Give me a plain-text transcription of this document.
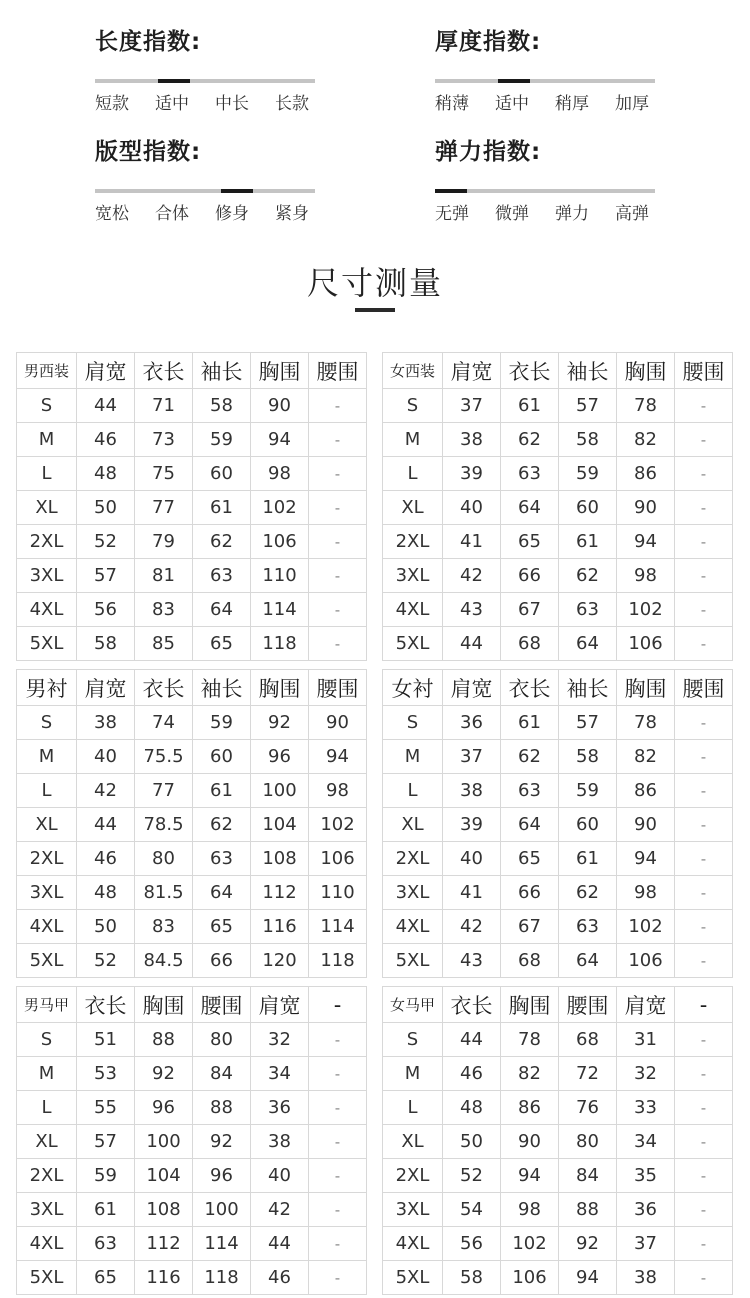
长度指数:
短款	适中	中长	长款
厚度指数:
稍薄	适中	稍厚	加厚
版型指数:
宽松	合体	修身	紧身
弹力指数:
无弹	微弹	弹力	高弹
尺寸测量
男西装	肩宽	衣长	袖长	胸围	腰围
S	44	71	58	90	-
M	46	73	59	94	-
L	48	75	60	98	-
XL	50	77	61	102	-
2XL	52	79	62	106	-
3XL	57	81	63	110	-
4XL	56	83	64	114	-
5XL	58	85	65	118	-
女西装	肩宽	衣长	袖长	胸围	腰围
S	37	61	57	78	-
M	38	62	58	82	-
L	39	63	59	86	-
XL	40	64	60	90	-
2XL	41	65	61	94	-
3XL	42	66	62	98	-
4XL	43	67	63	102	-
5XL	44	68	64	106	-
男衬	肩宽	衣长	袖长	胸围	腰围
S	38	74	59	92	90
M	40	75.5	60	96	94
L	42	77	61	100	98
XL	44	78.5	62	104	102
2XL	46	80	63	108	106
3XL	48	81.5	64	112	110
4XL	50	83	65	116	114
5XL	52	84.5	66	120	118
女衬	肩宽	衣长	袖长	胸围	腰围
S	36	61	57	78	-
M	37	62	58	82	-
L	38	63	59	86	-
XL	39	64	60	90	-
2XL	40	65	61	94	-
3XL	41	66	62	98	-
4XL	42	67	63	102	-
5XL	43	68	64	106	-
男马甲	衣长	胸围	腰围	肩宽	-
S	51	88	80	32	-
M	53	92	84	34	-
L	55	96	88	36	-
XL	57	100	92	38	-
2XL	59	104	96	40	-
3XL	61	108	100	42	-
4XL	63	112	114	44	-
5XL	65	116	118	46	-
女马甲	衣长	胸围	腰围	肩宽	-
S	44	78	68	31	-
M	46	82	72	32	-
L	48	86	76	33	-
XL	50	90	80	34	-
2XL	52	94	84	35	-
3XL	54	98	88	36	-
4XL	56	102	92	37	-
5XL	58	106	94	38	-
